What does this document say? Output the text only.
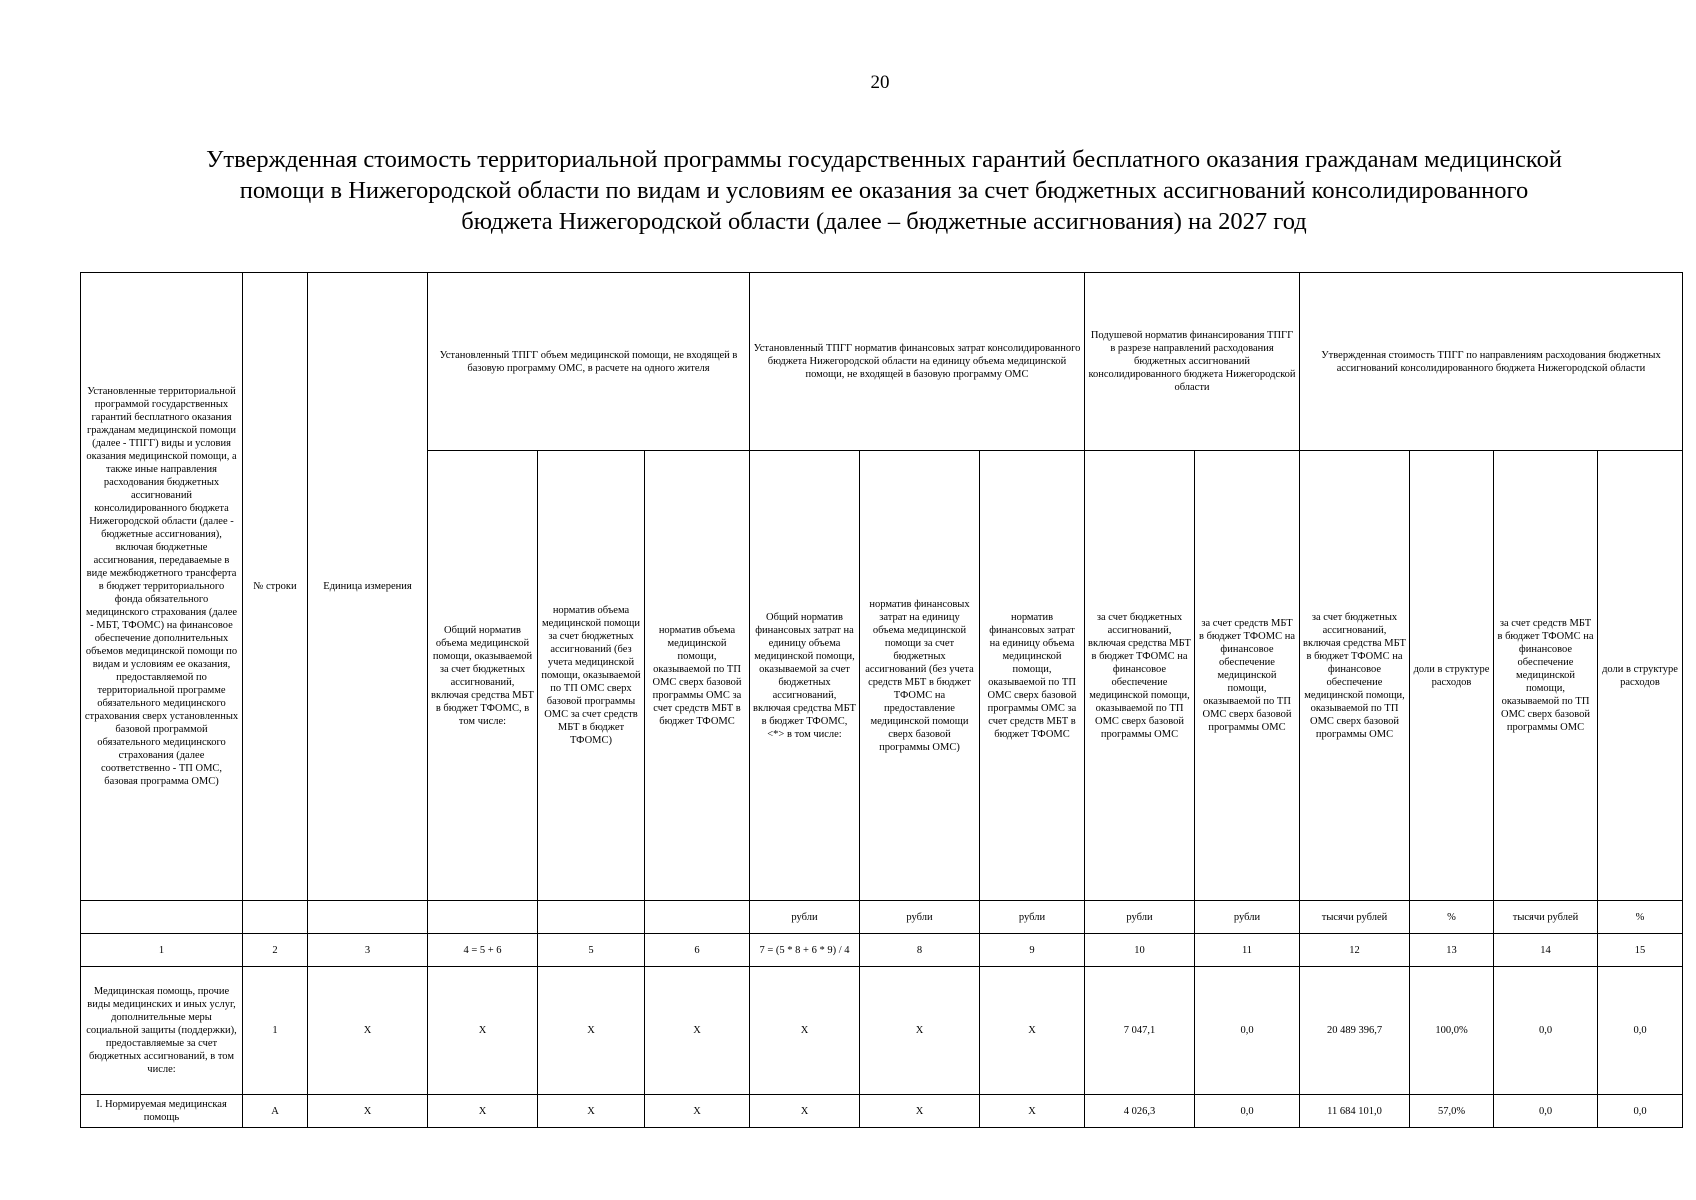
20
Утвержденная стоимость территориальной программы государственных гарантий бесплатного оказания гражданам медицинской
помощи в Нижегородской области по видам и условиям ее оказания за счет бюджетных ассигнований консолидированного
бюджета Нижегородской области (далее – бюджетные ассигнования) на 2027 год
Установленные территориальной программой государственных гарантий бесплатного оказания гражданам медицинской помощи (далее - ТПГГ) виды и условия оказания медицинской помощи, а также иные направления расходования бюджетных ассигнований консолидированного бюджета Нижегородской области (далее - бюджетные ассигнования), включая бюджетные ассигнования, передаваемые в виде межбюджетного трансферта в бюджет территориального фонда обязательного медицинского страхования (далее - МБТ, ТФОМС) на финансовое обеспечение дополнительных объемов медицинской помощи по видам и условиям ее оказания, предоставляемой по территориальной программе обязательного медицинского страхования сверх установленных базовой программой обязательного медицинского страхования (далее соответственно - ТП ОМС, базовая программа ОМС)	№ строки	Единица измерения	Установленный ТПГГ объем медицинской помощи, не входящей в базовую программу ОМС, в расчете на одного жителя			Установленный ТПГГ норматив финансовых затрат консолидированного бюджета Нижегородской области на единицу объема медицинской помощи, не входящей в базовую программу ОМС			Подушевой норматив финансирования ТПГГ в разрезе направлений расходования бюджетных ассигнований консолидированного бюджета Нижегородской области		Утвержденная стоимость ТПГГ по направлениям расходования бюджетных ассигнований консолидированного бюджета Нижегородской области			
			Общий норматив объема медицинской помощи, оказываемой за счет бюджетных ассигнований, включая средства МБТ в бюджет ТФОМС, в том числе:	норматив объема медицинской помощи за счет бюджетных ассигнований (без учета медицинской помощи, оказываемой по ТП ОМС сверх базовой программы ОМС за счет средств МБТ в бюджет ТФОМС)	норматив объема медицинской помощи, оказываемой по ТП ОМС сверх базовой программы ОМС за счет средств МБТ в бюджет ТФОМС	Общий норматив финансовых затрат на единицу объема медицинской помощи, оказываемой за счет бюджетных ассигнований, включая средства МБТ в бюджет ТФОМС, <*> в том числе:	норматив финансовых затрат на единицу объема медицинской помощи за счет бюджетных ассигнований (без учета средств МБТ в бюджет ТФОМС на предоставление медицинской помощи сверх базовой программы ОМС)	норматив финансовых затрат на единицу объема медицинской помощи, оказываемой по ТП ОМС сверх базовой программы ОМС за счет средств МБТ в бюджет ТФОМС	за счет бюджетных ассигнований, включая средства МБТ в бюджет ТФОМС на финансовое обеспечение медицинской помощи, оказываемой по ТП ОМС сверх базовой программы ОМС	за счет средств МБТ в бюджет ТФОМС на финансовое обеспечение медицинской помощи, оказываемой по ТП ОМС сверх базовой программы ОМС	за счет бюджетных ассигнований, включая средства МБТ в бюджет ТФОМС на финансовое обеспечение медицинской помощи, оказываемой по ТП ОМС сверх базовой программы ОМС	доли в структуре расходов	за счет средств МБТ в бюджет ТФОМС на финансовое обеспечение медицинской помощи, оказываемой по ТП ОМС сверх базовой программы ОМС	доли в структуре расходов
						рубли	рубли	рубли	рубли	рубли	тысячи рублей	%	тысячи рублей	%
1	2	3	4 = 5 + 6	5	6	7 = (5 * 8 + 6 * 9) / 4	8	9	10	11	12	13	14	15
Медицинская помощь, прочие виды медицинских и иных услуг, дополнительные меры социальной защиты (поддержки), предоставляемые за счет бюджетных ассигнований, в том числе:	1	X	X	X	X	X	X	X	7 047,1	0,0	20 489 396,7	100,0%	0,0	0,0
I. Нормируемая медицинская помощь	А	X	X	X	X	X	X	X	4 026,3	0,0	11 684 101,0	57,0%	0,0	0,0
